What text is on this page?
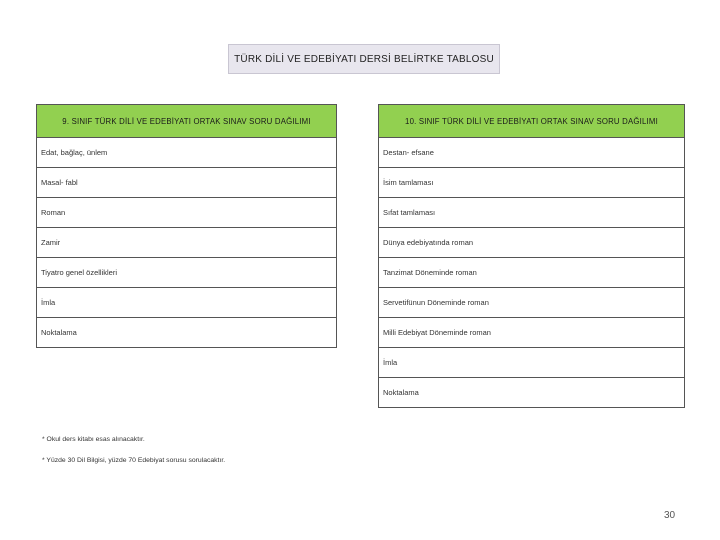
TÜRK DİLİ VE EDEBİYATI DERSİ BELİRTKE TABLOSU
9. SINIF TÜRK DİLİ VE EDEBİYATI ORTAK SINAV SORU DAĞILIMI
Edat, bağlaç, ünlem
Masal- fabl
Roman
Zamir
Tiyatro genel özellikleri
İmla
Noktalama
10. SINIF TÜRK DİLİ VE EDEBİYATI ORTAK SINAV SORU DAĞILIMI
Destan- efsane
İsim tamlaması
Sıfat tamlaması
Dünya edebiyatında roman
Tanzimat Döneminde roman
Servetifünun Döneminde roman
Milli Edebiyat Döneminde roman
İmla
Noktalama
* Okul ders kitabı esas alınacaktır.
* Yüzde 30 Dil Bilgisi, yüzde 70 Edebiyat sorusu sorulacaktır.
30
